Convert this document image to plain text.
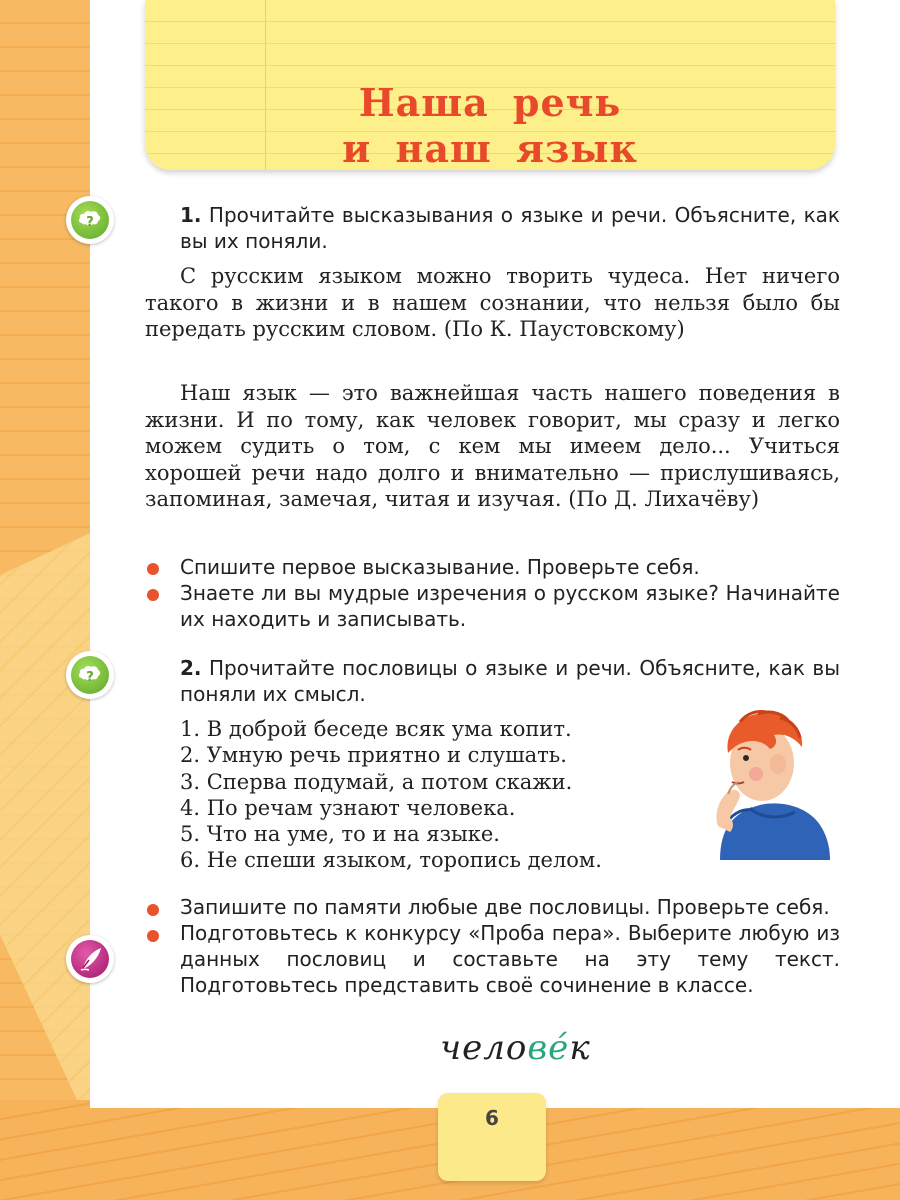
Наша речь
и наш язык
?	1. Прочитайте высказывания о языке и речи. Объясните, как вы их поняли.
С русским языком можно творить чудеса. Нет ничего такого в жизни и в нашем сознании, что нельзя было бы передать русским словом. (По К. Паустовскому)
Наш язык — это важнейшая часть нашего поведения в жизни. И по тому, как человек говорит, мы сразу и легко можем судить о том, с кем мы имеем дело... Учиться хорошей речи надо долго и внимательно — прислушиваясь, запоминая, замечая, читая и изучая. (По Д. Лихачёву)
Спишите первое высказывание. Проверьте себя.
Знаете ли вы мудрые изречения о русском языке? Начинайте их находить и записывать.
?	2. Прочитайте пословицы о языке и речи. Объясните, как вы поняли их смысл.
1. В доброй беседе всяк ума копит.
2. Умную речь приятно и слушать.
3. Сперва подумай, а потом скажи.
4. По речам узнают человека.
5. Что на уме, то и на языке.
6. Не спеши языком, торопись делом.
Запишите по памяти любые две пословицы. Проверьте себя.
Подготовьтесь к конкурсу «Проба пера». Выберите любую из данных пословиц и составьте на эту тему текст. Подготовьтесь представить своё сочинение в классе.
челове́к
6
